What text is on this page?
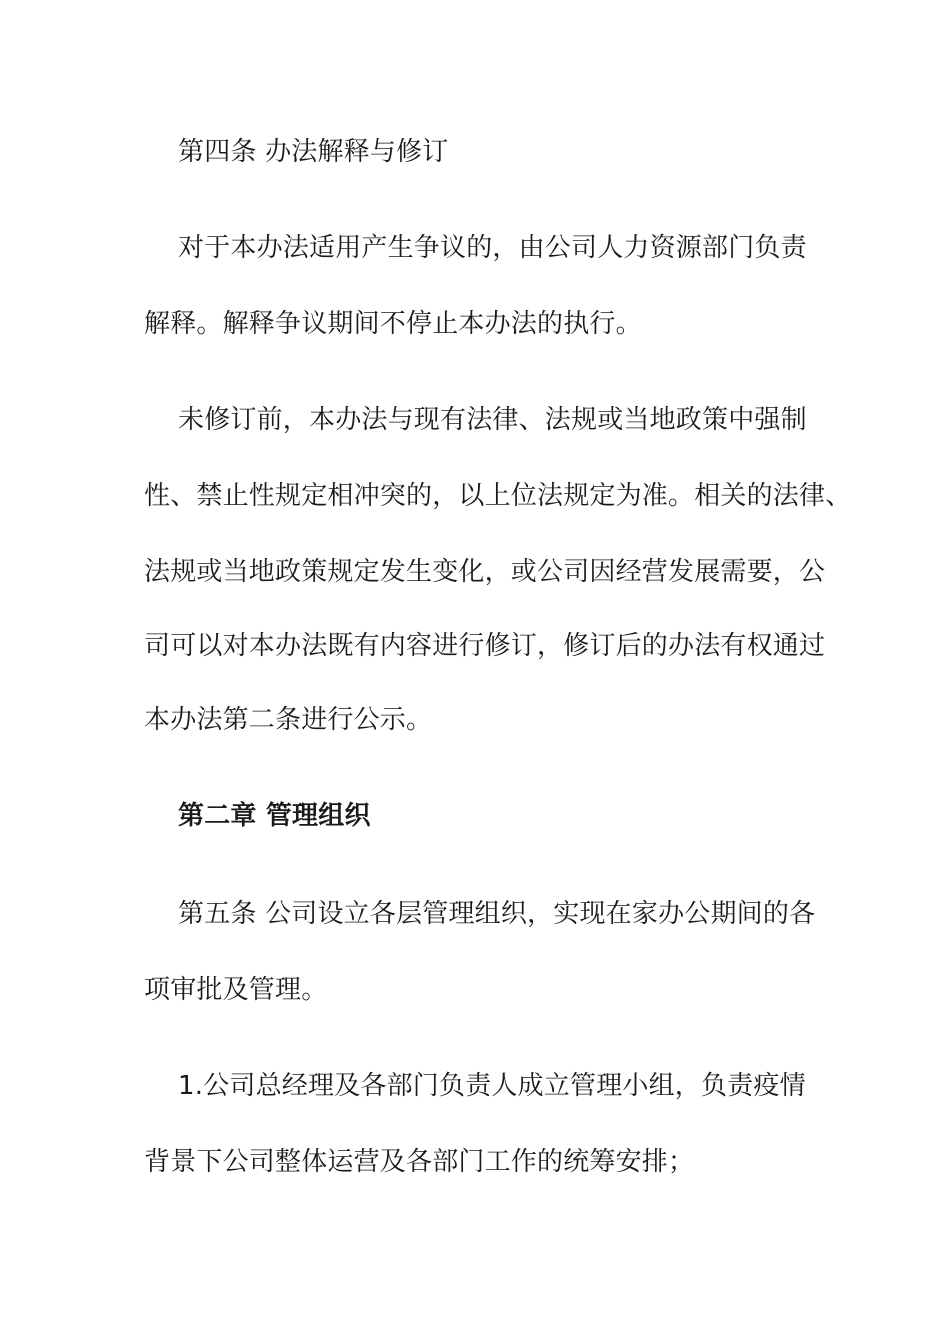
第四条 办法解释与修订
对于本办法适用产生争议的，由公司人力资源部门负责
解释。解释争议期间不停止本办法的执行。
未修订前，本办法与现有法律、法规或当地政策中强制
性、禁止性规定相冲突的，以上位法规定为准。相关的法律、
法规或当地政策规定发生变化，或公司因经营发展需要，公
司可以对本办法既有内容进行修订，修订后的办法有权通过
本办法第二条进行公示。
第二章 管理组织
第五条 公司设立各层管理组织，实现在家办公期间的各
项审批及管理。
1.公司总经理及各部门负责人成立管理小组，负责疫情
背景下公司整体运营及各部门工作的统筹安排；
